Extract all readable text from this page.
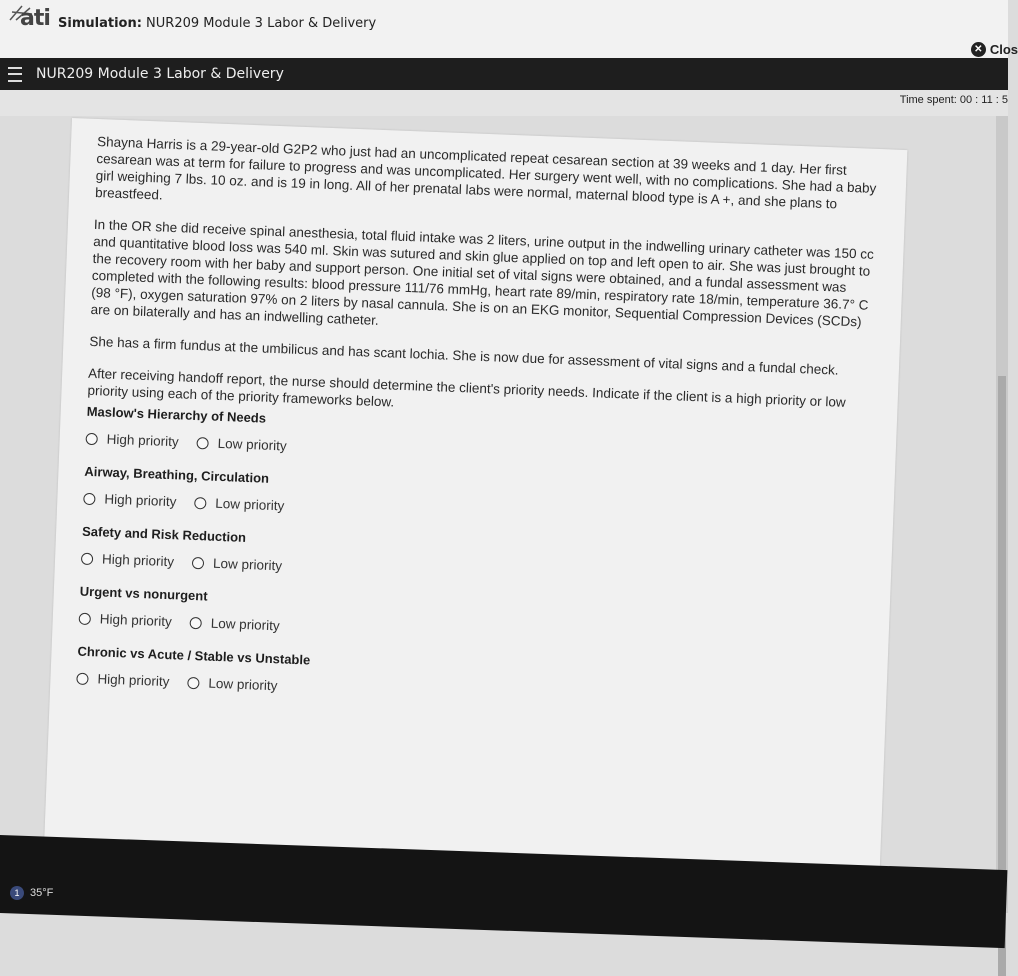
ati Simulation: NUR209 Module 3 Labor & Delivery
✕ Clos
NUR209 Module 3 Labor & Delivery
Time spent: 00 : 11 : 5

Shayna Harris is a 29-year-old G2P2 who just had an uncomplicated repeat cesarean section at 39 weeks and 1 day. Her first cesarean was at term for failure to progress and was uncomplicated. Her surgery went well, with no complications. She had a baby girl weighing 7 lbs. 10 oz. and is 19 in long. All of her prenatal labs were normal, maternal blood type is A +, and she plans to breastfeed.

In the OR she did receive spinal anesthesia, total fluid intake was 2 liters, urine output in the indwelling urinary catheter was 150 cc and quantitative blood loss was 540 ml. Skin was sutured and skin glue applied on top and left open to air. She was just brought to the recovery room with her baby and support person. One initial set of vital signs were obtained, and a fundal assessment was completed with the following results: blood pressure 111/76 mmHg, heart rate 89/min, respiratory rate 18/min, temperature 36.7° C (98 °F), oxygen saturation 97% on 2 liters by nasal cannula. She is on an EKG monitor, Sequential Compression Devices (SCDs) are on bilaterally and has an indwelling catheter.

She has a firm fundus at the umbilicus and has scant lochia. She is now due for assessment of vital signs and a fundal check.

After receiving handoff report, the nurse should determine the client's priority needs. Indicate if the client is a high priority or low priority using each of the priority frameworks below.

Maslow's Hierarchy of Needs
High priority	Low priority
Airway, Breathing, Circulation
High priority	Low priority
Safety and Risk Reduction
High priority	Low priority
Urgent vs nonurgent
High priority	Low priority
Chronic vs Acute / Stable vs Unstable
High priority	Low priority
1 35°F
